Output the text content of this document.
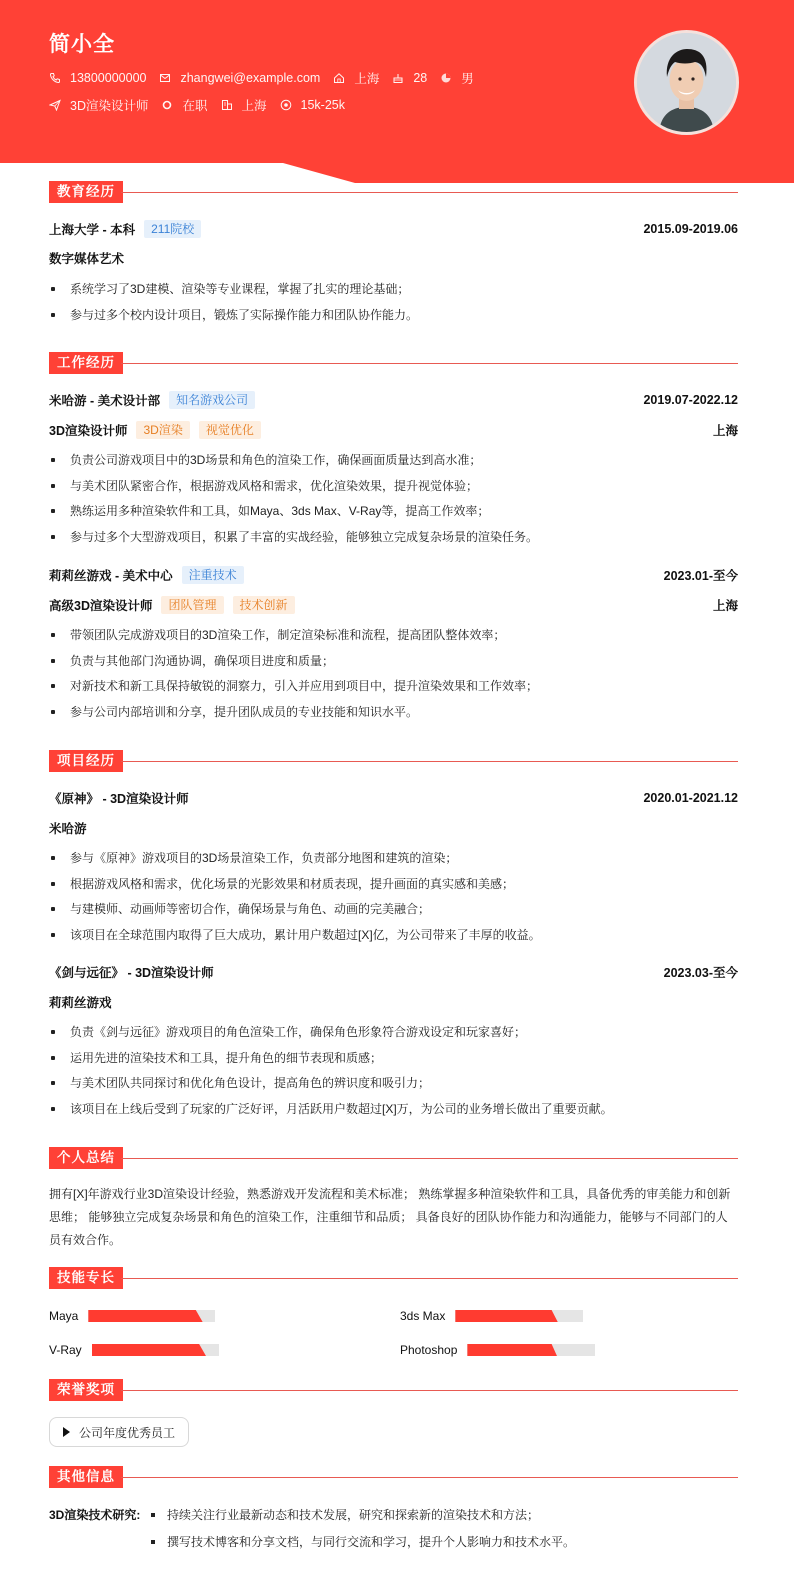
简小全
13800000000	zhangwei@example.com	上海	28	男
3D渲染设计师	在职	上海	15k-25k
教育经历
上海大学 - 本科	211院校	2015.09-2019.06
数字媒体艺术
系统学习了3D建模、渲染等专业课程，掌握了扎实的理论基础；
参与过多个校内设计项目，锻炼了实际操作能力和团队协作能力。
工作经历
米哈游 - 美术设计部	知名游戏公司	2019.07-2022.12
3D渲染设计师	3D渲染	视觉优化	上海
负责公司游戏项目中的3D场景和角色的渲染工作，确保画面质量达到高水准；
与美术团队紧密合作，根据游戏风格和需求，优化渲染效果，提升视觉体验；
熟练运用多种渲染软件和工具，如Maya、3ds Max、V-Ray等，提高工作效率；
参与过多个大型游戏项目，积累了丰富的实战经验，能够独立完成复杂场景的渲染任务。
莉莉丝游戏 - 美术中心	注重技术	2023.01-至今
高级3D渲染设计师	团队管理	技术创新	上海
带领团队完成游戏项目的3D渲染工作，制定渲染标准和流程，提高团队整体效率；
负责与其他部门沟通协调，确保项目进度和质量；
对新技术和新工具保持敏锐的洞察力，引入并应用到项目中，提升渲染效果和工作效率；
参与公司内部培训和分享，提升团队成员的专业技能和知识水平。
项目经历
《原神》 - 3D渲染设计师	2020.01-2021.12
米哈游
参与《原神》游戏项目的3D场景渲染工作，负责部分地图和建筑的渲染；
根据游戏风格和需求，优化场景的光影效果和材质表现，提升画面的真实感和美感；
与建模师、动画师等密切合作，确保场景与角色、动画的完美融合；
该项目在全球范围内取得了巨大成功，累计用户数超过[X]亿，为公司带来了丰厚的收益。
《剑与远征》 - 3D渲染设计师	2023.03-至今
莉莉丝游戏
负责《剑与远征》游戏项目的角色渲染工作，确保角色形象符合游戏设定和玩家喜好；
运用先进的渲染技术和工具，提升角色的细节表现和质感；
与美术团队共同探讨和优化角色设计，提高角色的辨识度和吸引力；
该项目在上线后受到了玩家的广泛好评，月活跃用户数超过[X]万，为公司的业务增长做出了重要贡献。
个人总结
拥有[X]年游戏行业3D渲染设计经验，熟悉游戏开发流程和美术标准； 熟练掌握多种渲染软件和工具，具备优秀的审美能力和创新思维； 能够独立完成复杂场景和角色的渲染工作，注重细节和品质； 具备良好的团队协作能力和沟通能力，能够与不同部门的人员有效合作。
技能专长
Maya	3ds Max
V-Ray	Photoshop
荣誉奖项
公司年度优秀员工
其他信息
3D渲染技术研究:	持续关注行业最新动态和技术发展，研究和探索新的渲染技术和方法；
撰写技术博客和分享文档，与同行交流和学习，提升个人影响力和技术水平。
